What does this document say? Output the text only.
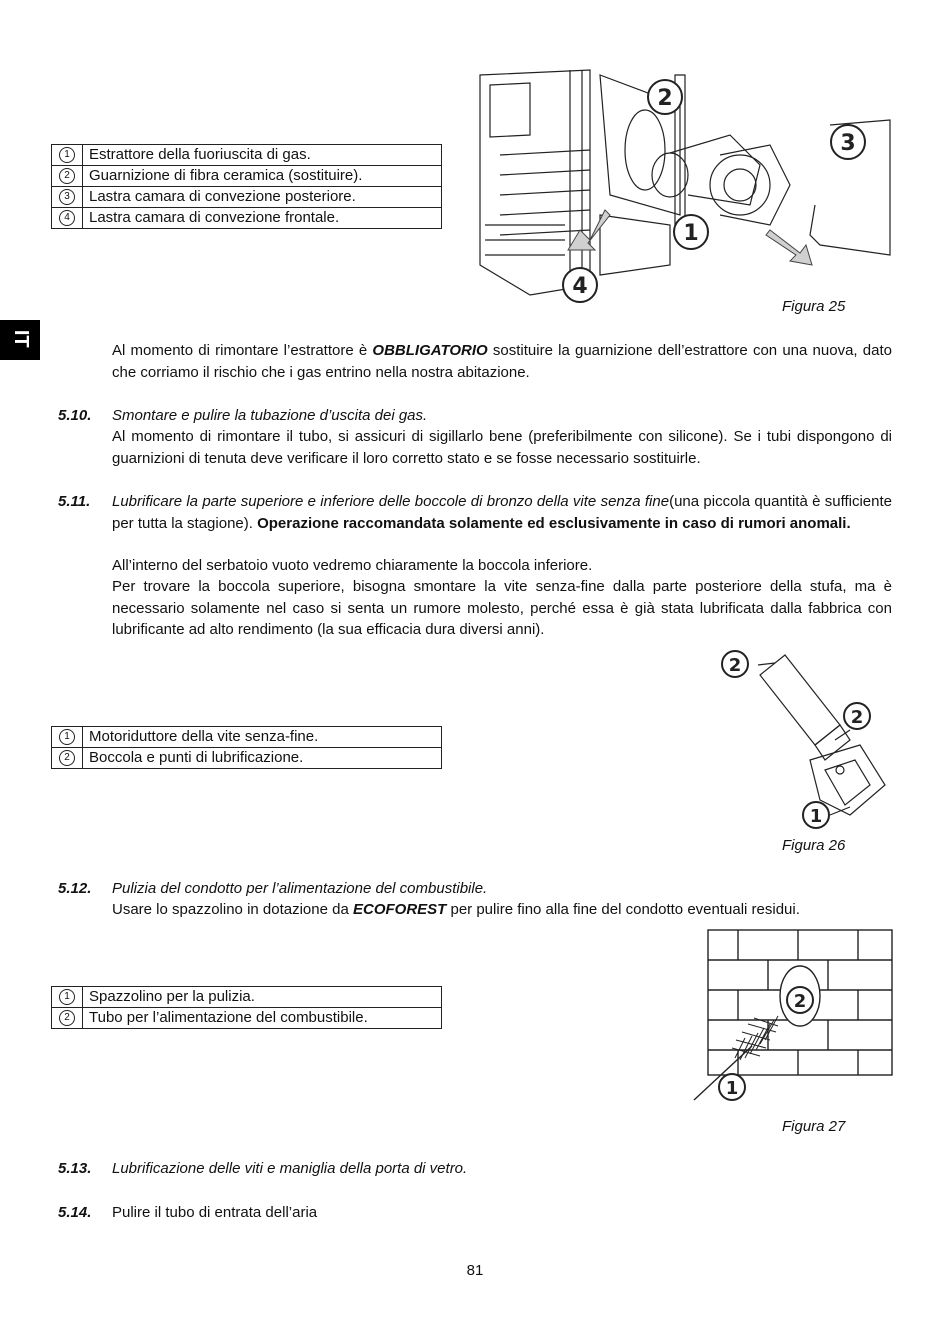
IT
1	Estrattore della fuoriuscita di gas.
2	Guarnizione di fibra ceramica (sostituire).
3	Lastra camara di convezione posteriore.
4	Lastra camara di convezione frontale.
2
3
1
4
Figura 25
Al momento di rimontare l’estrattore è OBBLIGATORIO sostituire la guarnizione dell’estrattore con una nuova, dato che corriamo il rischio che i gas entrino nella nostra abitazione.
5.10. Smontare e pulire la tubazione d’uscita dei gas.
Al momento di rimontare il tubo, si assicuri di sigillarlo bene (preferibilmente con silicone). Se i tubi dispongono di guarnizioni di tenuta deve verificare il loro corretto stato e se fosse necessario sostituirle.
5.11. Lubrificare la parte superiore e inferiore delle boccole di bronzo della vite senza fine(una piccola quantità è sufficiente per tutta la stagione). Operazione raccomandata solamente ed esclusivamente in caso di rumori anomali.
All’interno del serbatoio vuoto vedremo chiaramente la boccola inferiore.
Per trovare la boccola superiore, bisogna smontare la vite senza-fine dalla parte posteriore della stufa, ma è necessario solamente nel caso si senta un rumore molesto, perché essa è già stata lubrificata dalla fabbrica con lubrificante ad alto rendimento (la sua efficacia dura diversi anni).
1	Motoriduttore della vite senza-fine.
2	Boccola e punti di lubrificazione.
2
2
1
Figura 26
5.12. Pulizia del condotto per l’alimentazione del combustibile.
Usare lo spazzolino in dotazione da ECOFOREST per pulire fino alla fine del condotto eventuali residui.
1	Spazzolino per la pulizia.
2	Tubo per l’alimentazione del combustibile.
2
1
Figura 27
5.13. Lubrificazione delle viti e maniglia della porta di vetro.
5.14. Pulire il tubo di entrata dell’aria
81
